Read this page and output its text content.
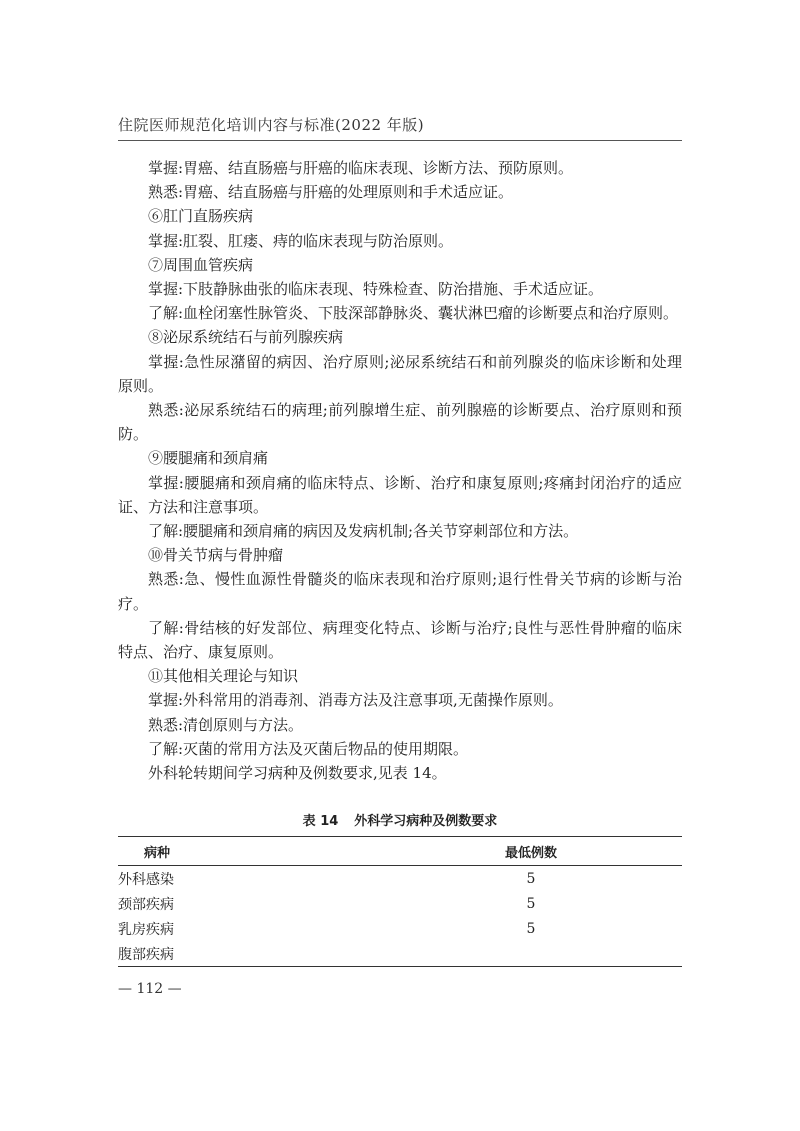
住院医师规范化培训内容与标准(2022 年版)

掌握:胃癌、结直肠癌与肝癌的临床表现、诊断方法、预防原则。

熟悉:胃癌、结直肠癌与肝癌的处理原则和手术适应证。

⑥肛门直肠疾病

掌握:肛裂、肛瘘、痔的临床表现与防治原则。

⑦周围血管疾病

掌握:下肢静脉曲张的临床表现、特殊检查、防治措施、手术适应证。

了解:血栓闭塞性脉管炎、下肢深部静脉炎、囊状淋巴瘤的诊断要点和治疗原则。

⑧泌尿系统结石与前列腺疾病

掌握:急性尿潴留的病因、治疗原则;泌尿系统结石和前列腺炎的临床诊断和处理原则。

熟悉:泌尿系统结石的病理;前列腺增生症、前列腺癌的诊断要点、治疗原则和预防。

⑨腰腿痛和颈肩痛

掌握:腰腿痛和颈肩痛的临床特点、诊断、治疗和康复原则;疼痛封闭治疗的适应证、方法和注意事项。

了解:腰腿痛和颈肩痛的病因及发病机制;各关节穿刺部位和方法。

⑩骨关节病与骨肿瘤

熟悉:急、慢性血源性骨髓炎的临床表现和治疗原则;退行性骨关节病的诊断与治疗。

了解:骨结核的好发部位、病理变化特点、诊断与治疗;良性与恶性骨肿瘤的临床特点、治疗、康复原则。

⑪其他相关理论与知识

掌握:外科常用的消毒剂、消毒方法及注意事项,无菌操作原则。

熟悉:清创原则与方法。

了解:灭菌的常用方法及灭菌后物品的使用期限。

外科轮转期间学习病种及例数要求,见表 14。

表 14 外科学习病种及例数要求
病种	最低例数
外科感染	5
颈部疾病	5
乳房疾病	5
腹部疾病	
— 112 —
